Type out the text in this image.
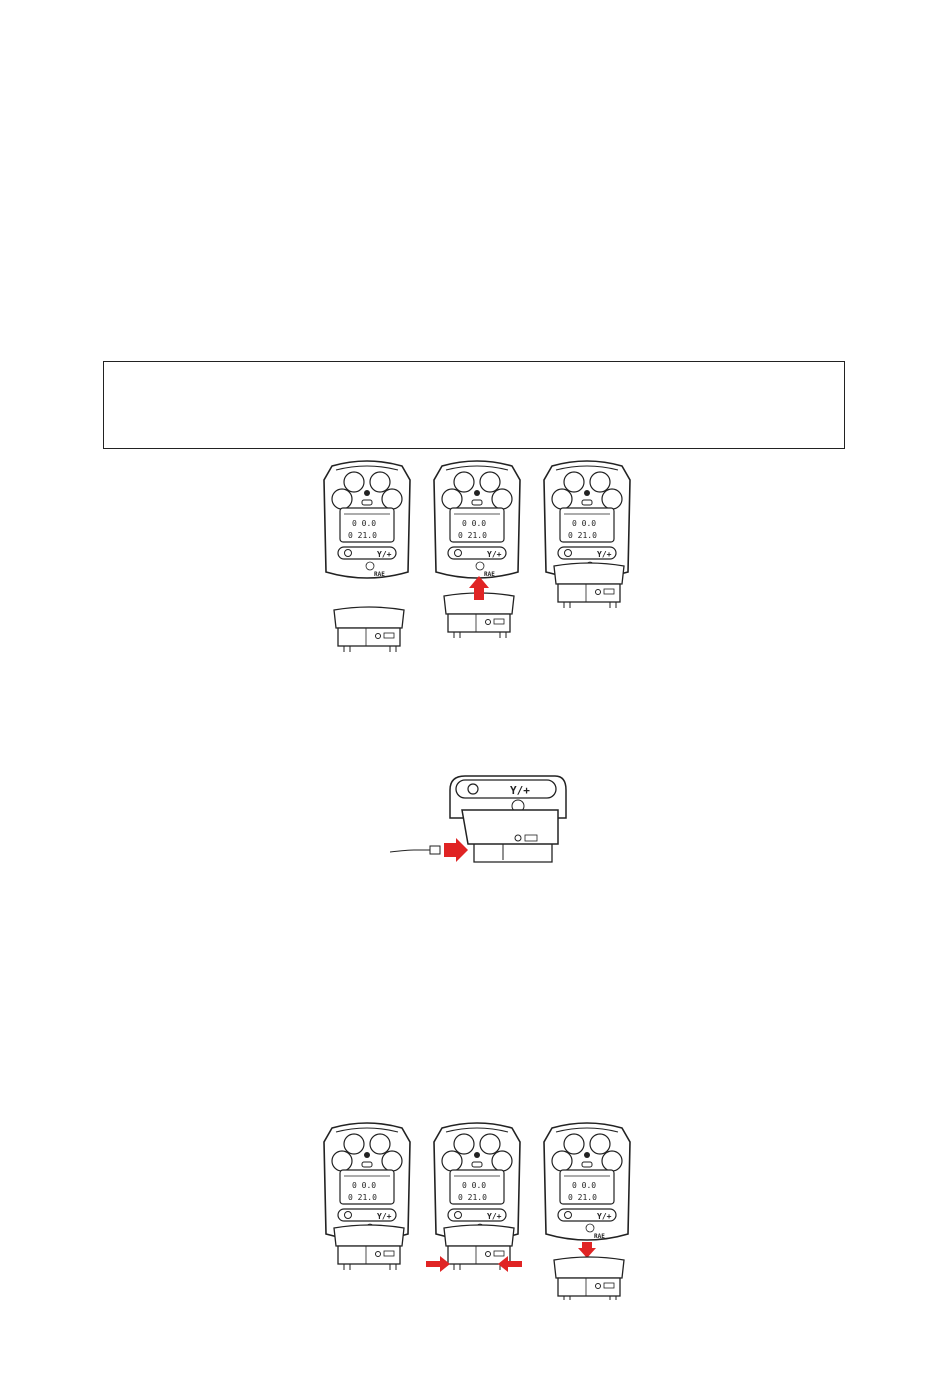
Y/+
